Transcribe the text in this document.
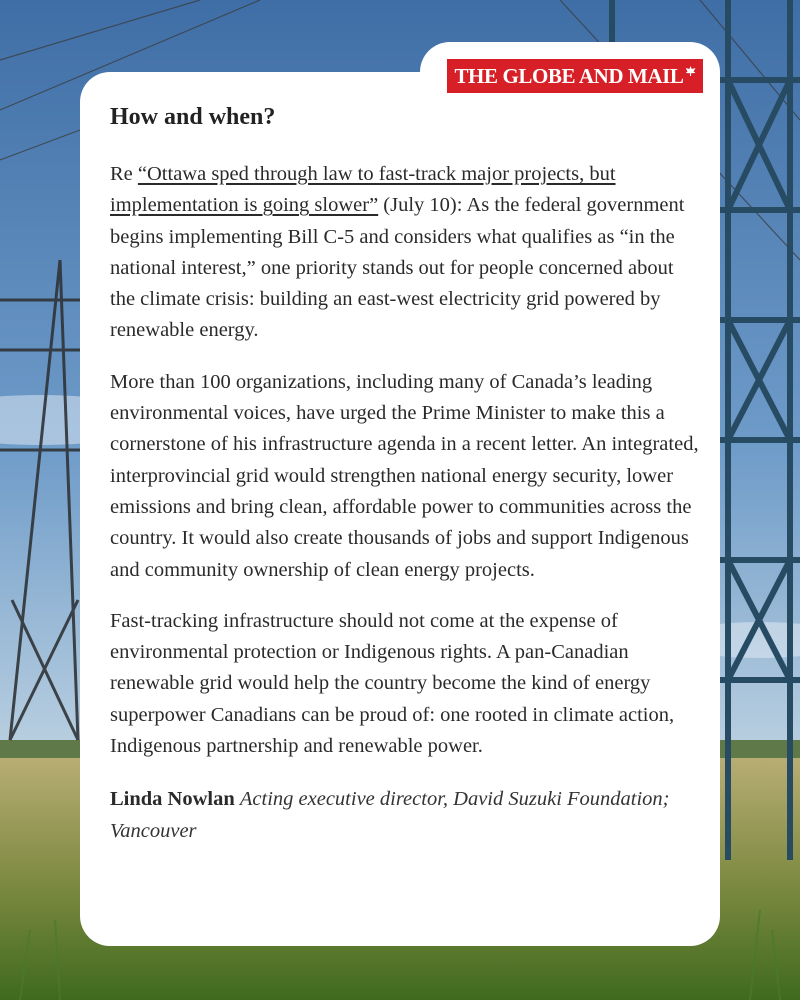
THE GLOBE AND MAIL
How and when?

Re “Ottawa sped through law to fast-track major projects, but implementation is going slower” (July 10): As the federal government begins implementing Bill C-5 and considers what qualifies as “in the national interest,” one priority stands out for people concerned about the climate crisis: building an east-west electricity grid powered by renewable energy.

More than 100 organizations, including many of Canada’s leading environmental voices, have urged the Prime Minister to make this a cornerstone of his infrastructure agenda in a recent letter. An integrated, interprovincial grid would strengthen national energy security, lower emissions and bring clean, affordable power to communities across the country. It would also create thousands of jobs and support Indigenous and community ownership of clean energy projects.

Fast-tracking infrastructure should not come at the expense of environmental protection or Indigenous rights. A pan-Canadian renewable grid would help the country become the kind of energy superpower Canadians can be proud of: one rooted in climate action, Indigenous partnership and renewable power.

Linda Nowlan Acting executive director, David Suzuki Foundation; Vancouver
